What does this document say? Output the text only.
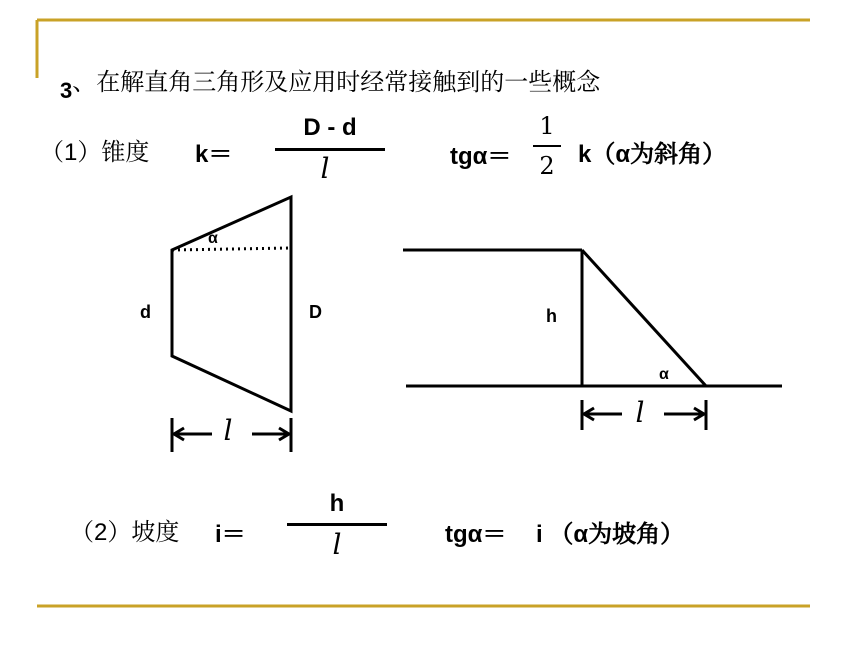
3、在解直角三角形及应用时经常接触到的一些概念
（1）锥度 k＝
D - d
l	tgα＝
1
2 k（α为斜角）
α
d	D
l
h
α
l
（2）坡度 i＝
h
l	tgα＝ i （α为坡角）
